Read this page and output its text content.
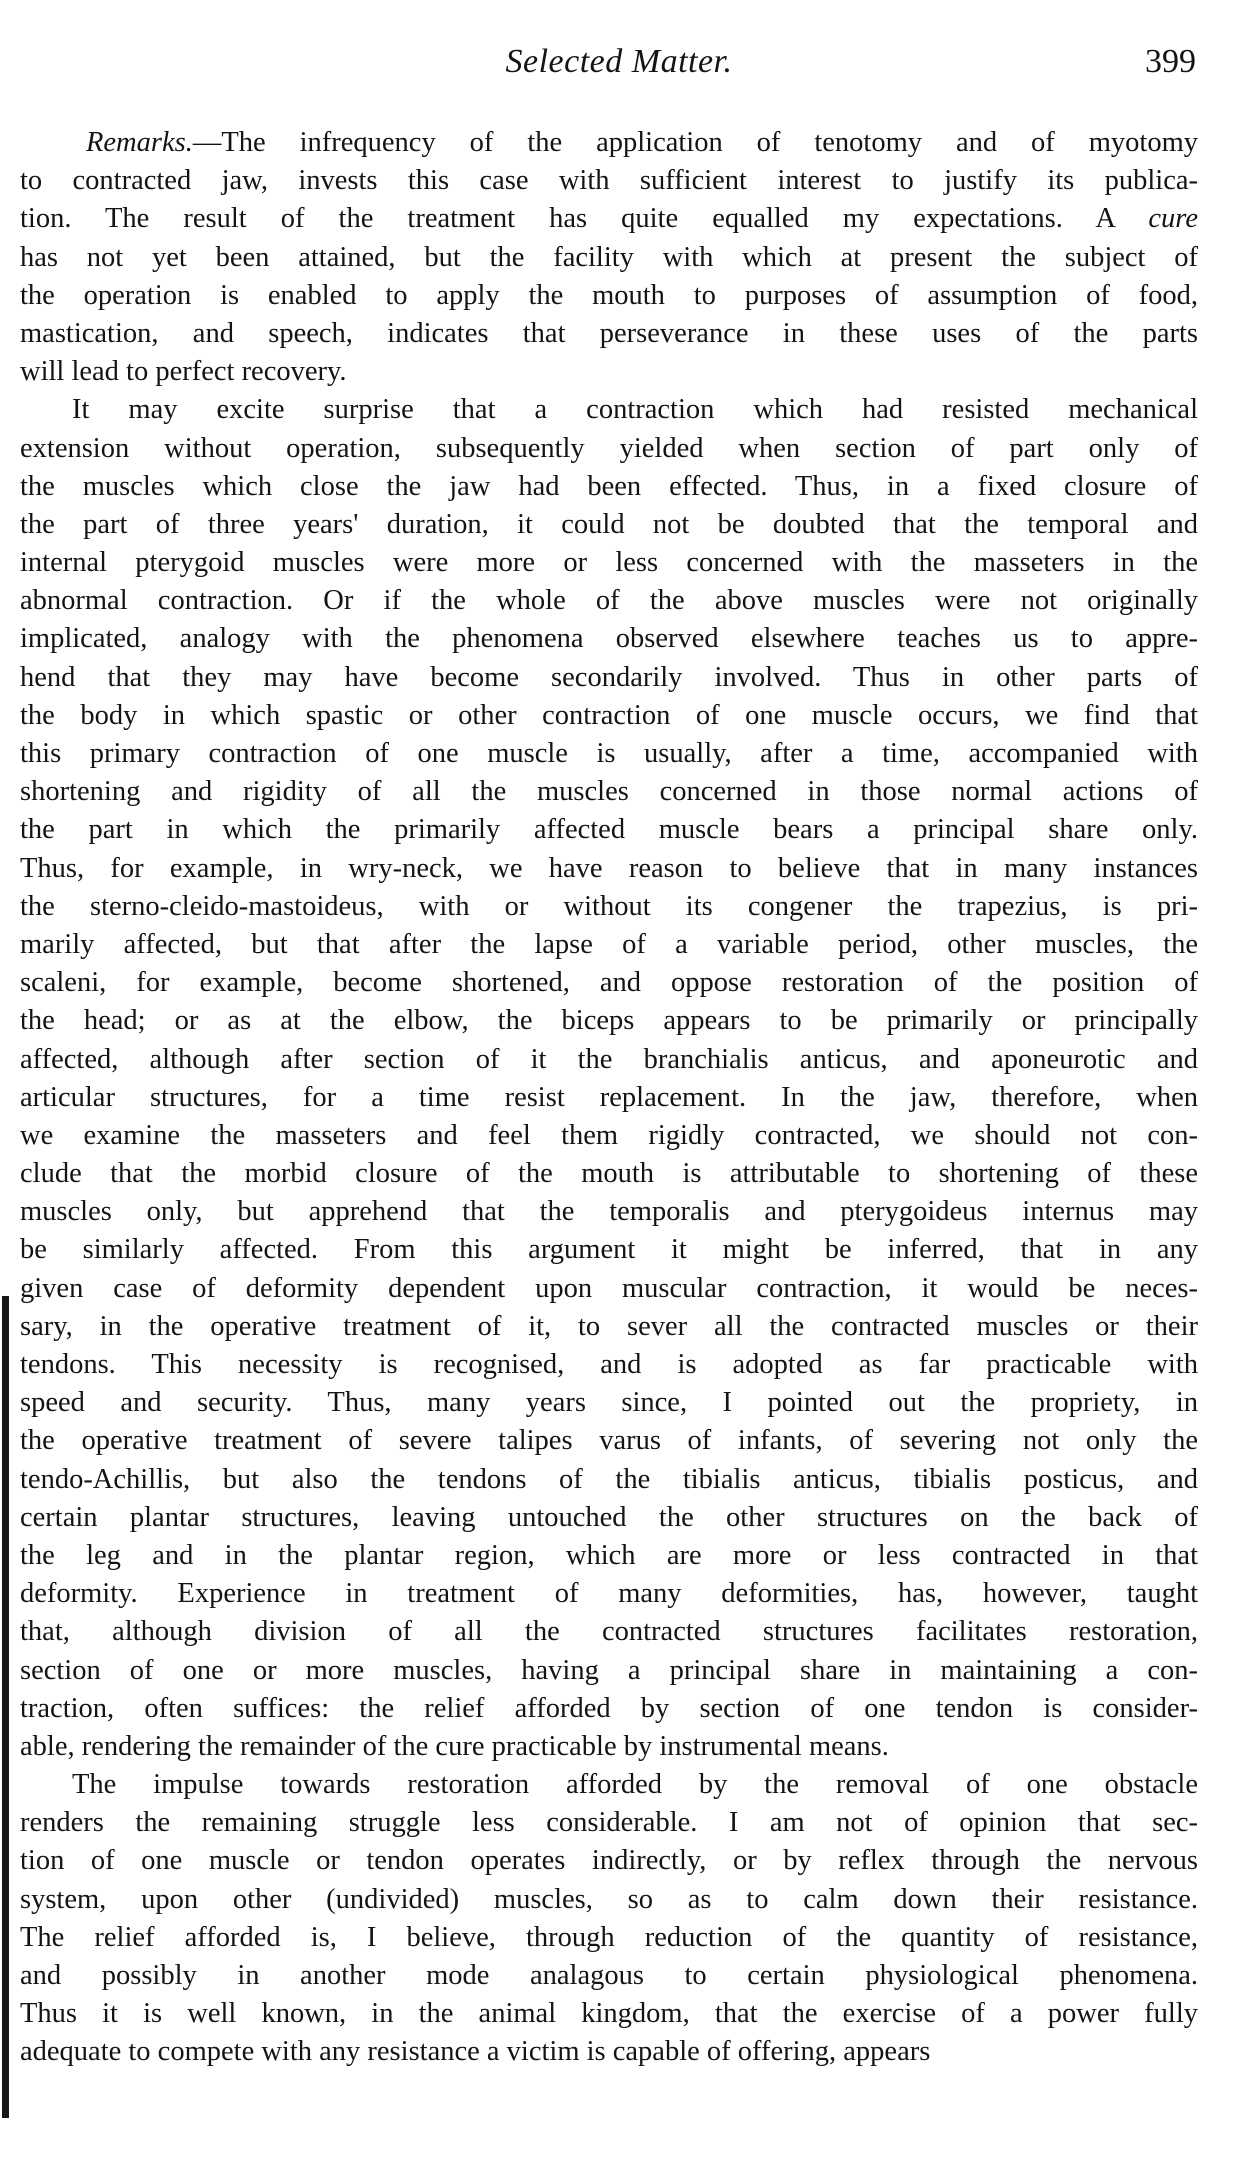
Selected Matter.	399
Remarks.—The infrequency of the application of tenotomy and of myotomy
to contracted jaw, invests this case with sufficient interest to justify its publica-
tion. The result of the treatment has quite equalled my expectations. A cure
has not yet been attained, but the facility with which at present the subject of
the operation is enabled to apply the mouth to purposes of assumption of food,
mastication, and speech, indicates that perseverance in these uses of the parts
will lead to perfect recovery.
It may excite surprise that a contraction which had resisted mechanical
extension without operation, subsequently yielded when section of part only of
the muscles which close the jaw had been effected. Thus, in a fixed closure of
the part of three years' duration, it could not be doubted that the temporal and
internal pterygoid muscles were more or less concerned with the masseters in the
abnormal contraction. Or if the whole of the above muscles were not originally
implicated, analogy with the phenomena observed elsewhere teaches us to appre-
hend that they may have become secondarily involved. Thus in other parts of
the body in which spastic or other contraction of one muscle occurs, we find that
this primary contraction of one muscle is usually, after a time, accompanied with
shortening and rigidity of all the muscles concerned in those normal actions of
the part in which the primarily affected muscle bears a principal share only.
Thus, for example, in wry-neck, we have reason to believe that in many instances
the sterno-cleido-mastoideus, with or without its congener the trapezius, is pri-
marily affected, but that after the lapse of a variable period, other muscles, the
scaleni, for example, become shortened, and oppose restoration of the position of
the head; or as at the elbow, the biceps appears to be primarily or principally
affected, although after section of it the branchialis anticus, and aponeurotic and
articular structures, for a time resist replacement. In the jaw, therefore, when
we examine the masseters and feel them rigidly contracted, we should not con-
clude that the morbid closure of the mouth is attributable to shortening of these
muscles only, but apprehend that the temporalis and pterygoideus internus may
be similarly affected. From this argument it might be inferred, that in any
given case of deformity dependent upon muscular contraction, it would be neces-
sary, in the operative treatment of it, to sever all the contracted muscles or their
tendons. This necessity is recognised, and is adopted as far practicable with
speed and security. Thus, many years since, I pointed out the propriety, in
the operative treatment of severe talipes varus of infants, of severing not only the
tendo-Achillis, but also the tendons of the tibialis anticus, tibialis posticus, and
certain plantar structures, leaving untouched the other structures on the back of
the leg and in the plantar region, which are more or less contracted in that
deformity. Experience in treatment of many deformities, has, however, taught
that, although division of all the contracted structures facilitates restoration,
section of one or more muscles, having a principal share in maintaining a con-
traction, often suffices: the relief afforded by section of one tendon is consider-
able, rendering the remainder of the cure practicable by instrumental means.
The impulse towards restoration afforded by the removal of one obstacle
renders the remaining struggle less considerable. I am not of opinion that sec-
tion of one muscle or tendon operates indirectly, or by reflex through the nervous
system, upon other (undivided) muscles, so as to calm down their resistance.
The relief afforded is, I believe, through reduction of the quantity of resistance,
and possibly in another mode analagous to certain physiological phenomena.
Thus it is well known, in the animal kingdom, that the exercise of a power fully
adequate to compete with any resistance a victim is capable of offering, appears
